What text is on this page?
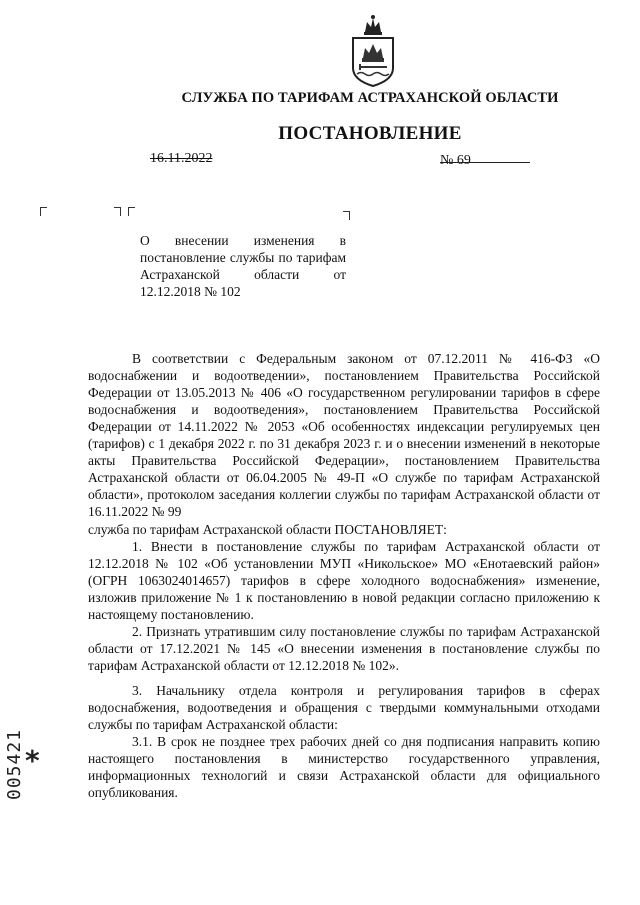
СЛУЖБА ПО ТАРИФАМ АСТРАХАНСКОЙ ОБЛАСТИ
ПОСТАНОВЛЕНИЕ
16.11.2022	№ 69
О внесении изменения в постановление службы по тарифам Астраханской области от 12.12.2018 № 102

В соответствии с Федеральным законом от 07.12.2011 № 416-ФЗ «О водоснабжении и водоотведении», постановлением Правительства Российской Федерации от 13.05.2013 № 406 «О государственном регулировании тарифов в сфере водоснабжения и водоотведения», постановлением Правительства Российской Федерации от 14.11.2022 № 2053 «Об особенностях индексации регулируемых цен (тарифов) с 1 декабря 2022 г. по 31 декабря 2023 г. и о внесении изменений в некоторые акты Правительства Российской Федерации», постановлением Правительства Астраханской области от 06.04.2005 № 49-П «О службе по тарифам Астраханской области», протоколом заседания коллегии службы по тарифам Астраханской области от 16.11.2022 № 99

служба по тарифам Астраханской области ПОСТАНОВЛЯЕТ:

1. Внести в постановление службы по тарифам Астраханской области от 12.12.2018 № 102 «Об установлении МУП «Никольское» МО «Енотаевский район» (ОГРН 1063024014657) тарифов в сфере холодного водоснабжения» изменение, изложив приложение № 1 к постановлению в новой редакции согласно приложению к настоящему постановлению.

2. Признать утратившим силу постановление службы по тарифам Астраханской области от 17.12.2021 № 145 «О внесении изменения в постановление службы по тарифам Астраханской области от 12.12.2018 № 102».

3. Начальнику отдела контроля и регулирования тарифов в сферах водоснабжения, водоотведения и обращения с твердыми коммунальными отходами службы по тарифам Астраханской области:

3.1. В срок не позднее трех рабочих дней со дня подписания направить копию настоящего постановления в министерство государственного управления, информационных технологий и связи Астраханской области для официального опубликования.

*
005421
